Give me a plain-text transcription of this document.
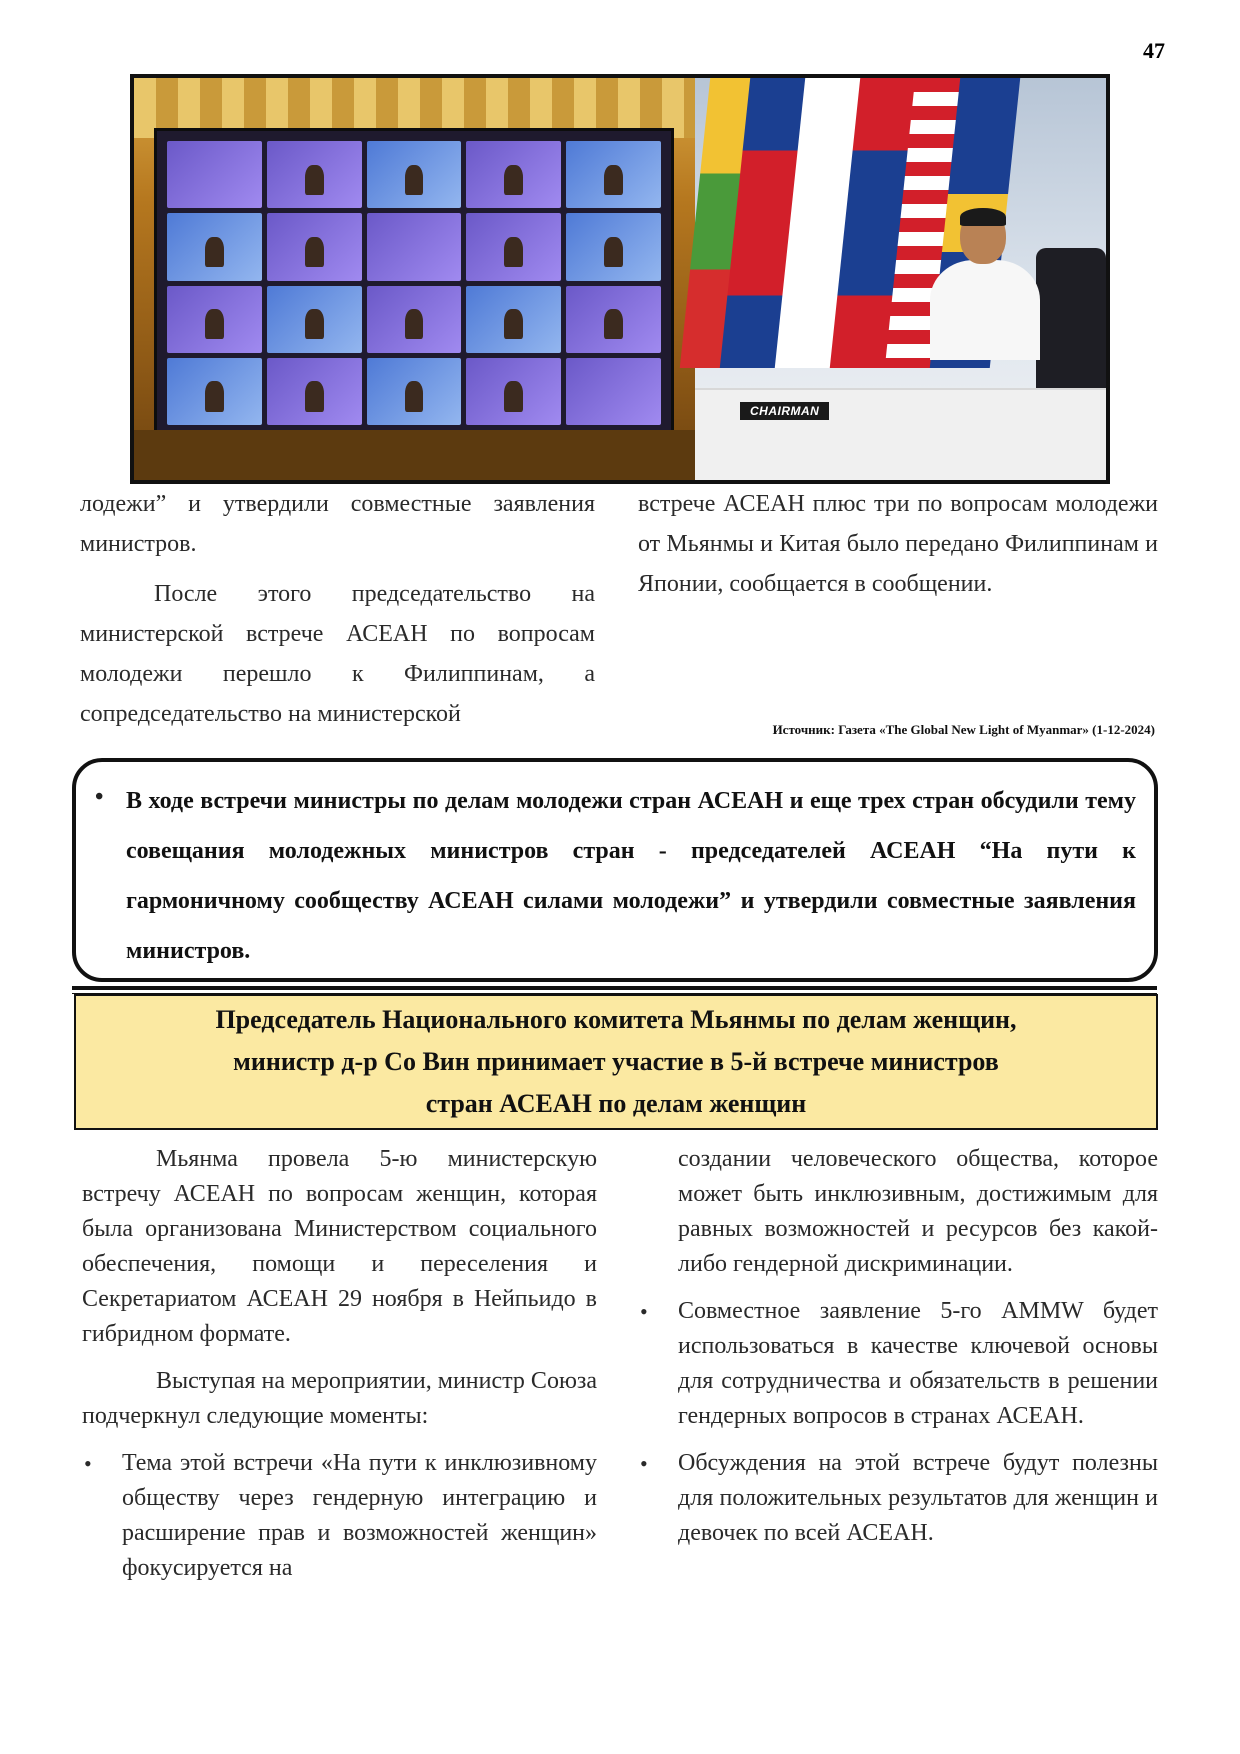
47
CHAIRMAN

лодежи” и утвердили совместные заявления министров.

После этого председательство на министерской встрече АСЕАН по вопросам молодежи перешло к Филиппинам, а сопредседательство на министерской

встрече АСЕАН плюс три по вопросам молодежи от Мьянмы и Китая было передано Филиппинам и Японии, сообщается в сообщении.

Источник: Газета «The Global New Light of Myanmar» (1-12-2024)
• В ходе встречи министры по делам молодежи стран АСЕАН и еще трех стран обсудили тему совещания молодежных министров стран - председателей АСЕАН “На пути к гармоничному сообществу АСЕАН силами молодежи” и утвердили совместные заявления министров.

Председатель Национального комитета Мьянмы по делам женщин,
министр д-р Со Вин принимает участие в 5-й встрече министров
стран АСЕАН по делам женщин

Мьянма провела 5-ю министерскую встречу АСЕАН по вопросам женщин, которая была организована Министерством социального обеспечения, помощи и переселения и Секретариатом АСЕАН 29 ноября в Нейпьидо в гибридном формате.

Выступая на мероприятии, министр Союза подчеркнул следующие моменты:

• Тема этой встречи «На пути к инклюзивному обществу через гендерную интеграцию и расширение прав и возможностей женщин» фокусируется на

создании человеческого общества, которое может быть инклюзивным, достижимым для равных возможностей и ресурсов без какой-либо гендерной дискриминации.

• Совместное заявление 5-го AMMW будет использоваться в качестве ключевой основы для сотрудничества и обязательств в решении гендерных вопросов в странах АСЕАН.

• Обсуждения на этой встрече будут полезны для положительных результатов для женщин и девочек по всей АСЕАН.
